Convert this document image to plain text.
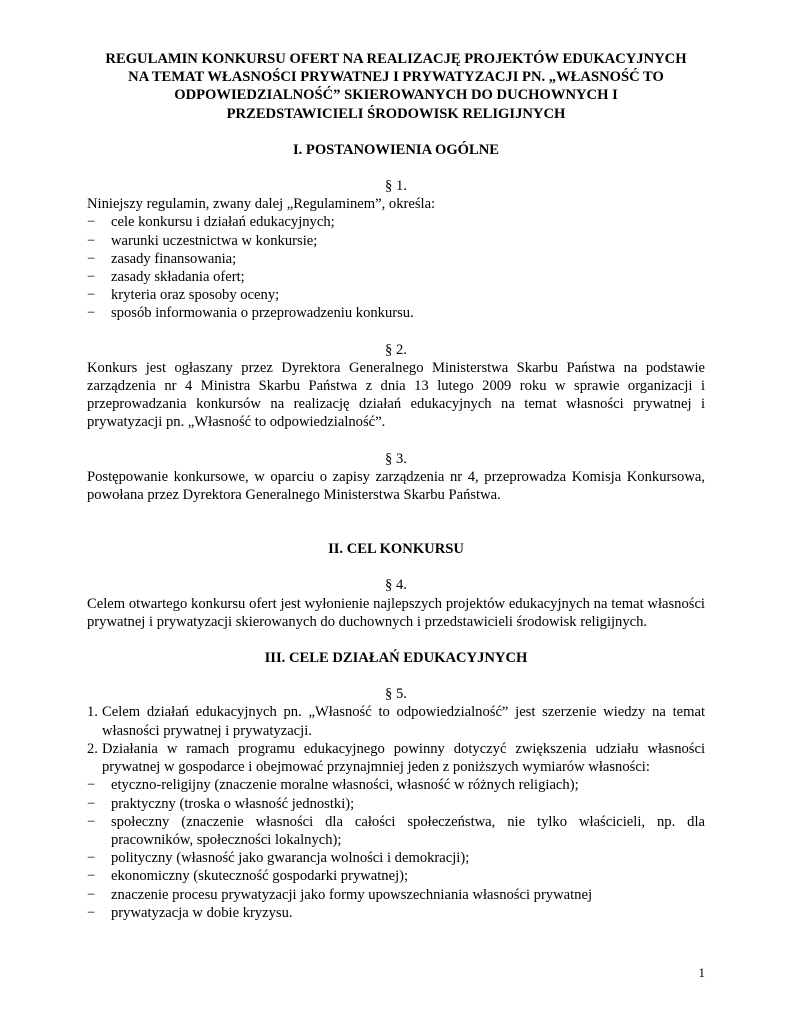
REGULAMIN KONKURSU OFERT NA REALIZACJĘ PROJEKTÓW EDUKACYJNYCH
NA TEMAT WŁASNOŚCI PRYWATNEJ I PRYWATYZACJI PN. „WŁASNOŚĆ TO
ODPOWIEDZIALNOŚĆ” SKIEROWANYCH DO DUCHOWNYCH I
PRZEDSTAWICIELI ŚRODOWISK RELIGIJNYCH

I. POSTANOWIENIA OGÓLNE

§ 1.

Niniejszy regulamin, zwany dalej „Regulaminem”, określa:

− cele konkursu i działań edukacyjnych;
− warunki uczestnictwa w konkursie;
− zasady finansowania;
− zasady składania ofert;
− kryteria oraz sposoby oceny;
− sposób informowania o przeprowadzeniu konkursu.

§ 2.

Konkurs jest ogłaszany przez Dyrektora Generalnego Ministerstwa Skarbu Państwa na podstawie zarządzenia nr 4 Ministra Skarbu Państwa z dnia 13 lutego 2009 roku w sprawie organizacji i przeprowadzania konkursów na realizację działań edukacyjnych na temat własności prywatnej i prywatyzacji pn. „Własność to odpowiedzialność”.

§ 3.

Postępowanie konkursowe, w oparciu o zapisy zarządzenia nr 4, przeprowadza Komisja Konkursowa, powołana przez Dyrektora Generalnego Ministerstwa Skarbu Państwa.

II. CEL KONKURSU

§ 4.

Celem otwartego konkursu ofert jest wyłonienie najlepszych projektów edukacyjnych na temat własności prywatnej i prywatyzacji skierowanych do duchownych i przedstawicieli środowisk religijnych.

III. CELE DZIAŁAŃ EDUKACYJNYCH

§ 5.

1. Celem działań edukacyjnych pn. „Własność to odpowiedzialność” jest szerzenie wiedzy na temat własności prywatnej i prywatyzacji.
2. Działania w ramach programu edukacyjnego powinny dotyczyć zwiększenia udziału własności prywatnej w gospodarce i obejmować przynajmniej jeden z poniższych wymiarów własności:
− etyczno-religijny (znaczenie moralne własności, własność w różnych religiach);
− praktyczny (troska o własność jednostki);
− społeczny (znaczenie własności dla całości społeczeństwa, nie tylko właścicieli, np. dla pracowników, społeczności lokalnych);
− polityczny (własność jako gwarancja wolności i demokracji);
− ekonomiczny (skuteczność gospodarki prywatnej);
− znaczenie procesu prywatyzacji jako formy upowszechniania własności prywatnej
− prywatyzacja w dobie kryzysu.
1
